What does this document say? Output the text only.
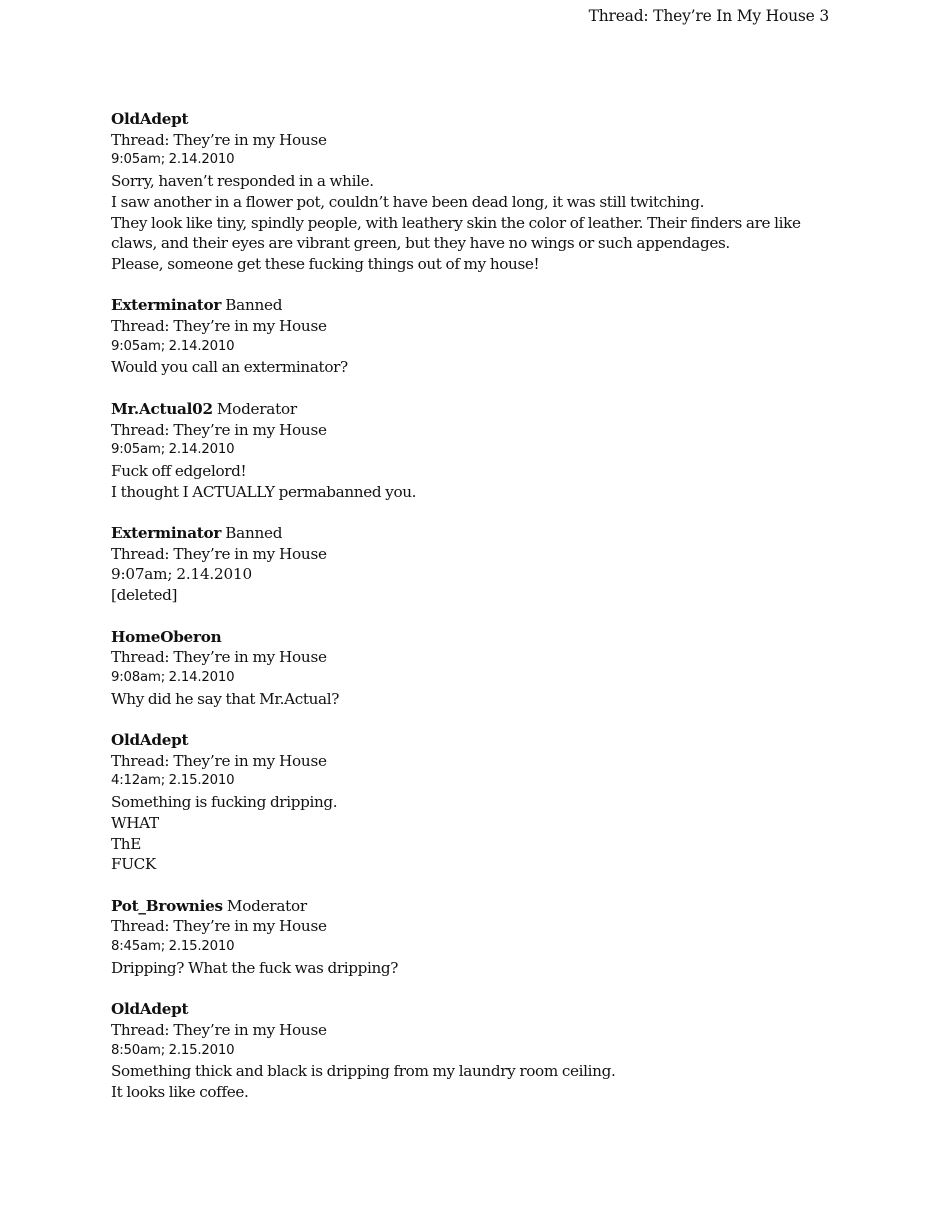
Thread: They’re In My House 3
OldAdept
Thread: They’re in my House
9:05am; 2.14.2010
Sorry, haven’t responded in a while.
I saw another in a flower pot, couldn’t have been dead long, it was still twitching.
They look like tiny, spindly people, with leathery skin the color of leather. Their finders are like
claws, and their eyes are vibrant green, but they have no wings or such appendages.
Please, someone get these fucking things out of my house!
Exterminator Banned
Thread: They’re in my House
9:05am; 2.14.2010
Would you call an exterminator?
Mr.Actual02 Moderator
Thread: They’re in my House
9:05am; 2.14.2010
Fuck off edgelord!
I thought I ACTUALLY permabanned you.
Exterminator Banned
Thread: They’re in my House
9:07am; 2.14.2010
[deleted]
HomeOberon
Thread: They’re in my House
9:08am; 2.14.2010
Why did he say that Mr.Actual?
OldAdept
Thread: They’re in my House
4:12am; 2.15.2010
Something is fucking dripping.
WHAT
ThE
FUCK
Pot_Brownies Moderator
Thread: They’re in my House
8:45am; 2.15.2010
Dripping? What the fuck was dripping?
OldAdept
Thread: They’re in my House
8:50am; 2.15.2010
Something thick and black is dripping from my laundry room ceiling.
It looks like coffee.
